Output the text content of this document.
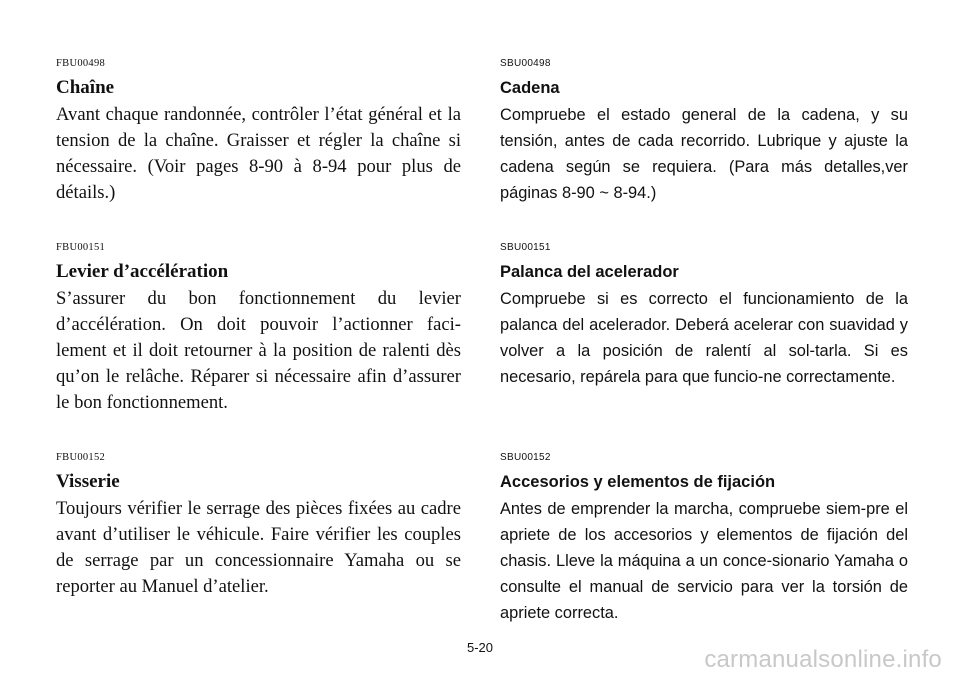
FBU00498

Chaîne

Avant chaque randonnée, contrôler l’état général et la tension de la chaîne. Graisser et régler la chaîne si nécessaire. (Voir pages 8-90 à 8-94 pour plus de détails.)

FBU00151

Levier d’accélération

S’assurer du bon fonctionnement du levier d’accélération. On doit pouvoir l’actionner faci-lement et il doit retourner à la position de ralenti dès qu’on le relâche. Réparer si nécessaire afin d’assurer le bon fonctionnement.

FBU00152

Visserie

Toujours vérifier le serrage des pièces fixées au cadre avant d’utiliser le véhicule. Faire vérifier les couples de serrage par un concessionnaire Yamaha ou se reporter au Manuel d’atelier.

SBU00498

Cadena

Compruebe el estado general de la cadena, y su tensión, antes de cada recorrido. Lubrique y ajuste la cadena según se requiera. (Para más detalles,ver páginas 8-90 ~ 8-94.)

SBU00151

Palanca del acelerador

Compruebe si es correcto el funcionamiento de la palanca del acelerador. Deberá acelerar con suavidad y volver a la posición de ralentí al sol-tarla. Si es necesario, repárela para que funcio-ne correctamente.

SBU00152

Accesorios y elementos de fijación

Antes de emprender la marcha, compruebe siem-pre el apriete de los accesorios y elementos de fijación del chasis. Lleve la máquina a un conce-sionario Yamaha o consulte el manual de servicio para ver la torsión de apriete correcta.

5-20	carmanualsonline.info
